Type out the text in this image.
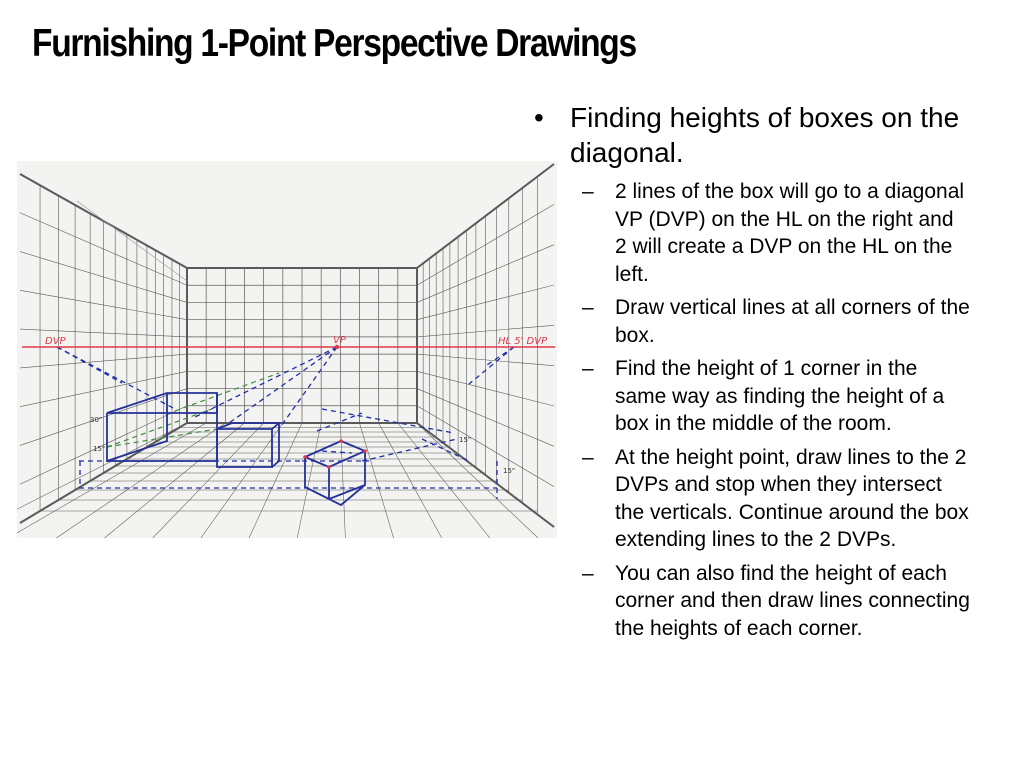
Furnishing 1-Point Perspective Drawings
DVP	VP	HL 5' DVP
30"
15"
15"
15"
• Finding heights of boxes on the diagonal.
– 2 lines of the box will go to a diagonal VP (DVP) on the HL on the right and 2 will create a DVP on the HL on the left.
– Draw vertical lines at all corners of the box.
– Find the height of 1 corner in the same way as finding the height of a box in the middle of the room.
– At the height point, draw lines to the 2 DVPs and stop when they intersect the verticals. Continue around the box extending lines to the 2 DVPs.
– You can also find the height of each corner and then draw lines connecting the heights of each corner.
